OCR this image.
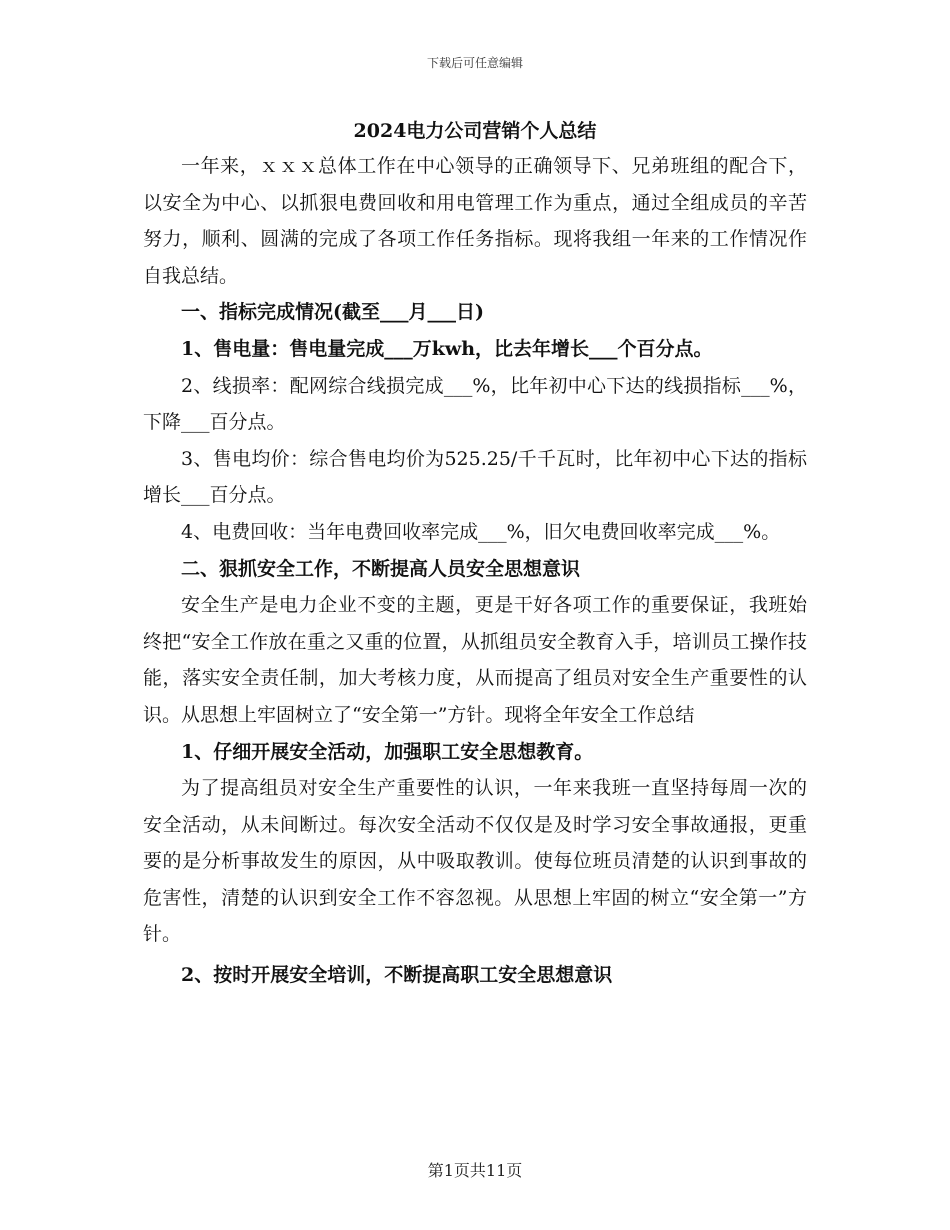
下载后可任意编辑
2024电力公司营销个人总结

一年来，ｘｘｘ总体工作在中心领导的正确领导下、兄弟班组的配合下，以安全为中心、以抓狠电费回收和用电管理工作为重点，通过全组成员的辛苦努力，顺利、圆满的完成了各项工作任务指标。现将我组一年来的工作情况作自我总结。

一、指标完成情况(截至___月___日)

1、售电量：售电量完成___万kwh，比去年增长___个百分点。

2、线损率：配网综合线损完成___%，比年初中心下达的线损指标___%，下降___百分点。

3、售电均价：综合售电均价为525.25/千千瓦时，比年初中心下达的指标增长___百分点。

4、电费回收：当年电费回收率完成___%，旧欠电费回收率完成___%。

二、狠抓安全工作，不断提高人员安全思想意识

安全生产是电力企业不变的主题，更是干好各项工作的重要保证，我班始终把“安全工作放在重之又重的位置，从抓组员安全教育入手，培训员工操作技能，落实安全责任制，加大考核力度，从而提高了组员对安全生产重要性的认识。从思想上牢固树立了“安全第一”方针。现将全年安全工作总结

1、仔细开展安全活动，加强职工安全思想教育。

为了提高组员对安全生产重要性的认识，一年来我班一直坚持每周一次的安全活动，从未间断过。每次安全活动不仅仅是及时学习安全事故通报，更重要的是分析事故发生的原因，从中吸取教训。使每位班员清楚的认识到事故的危害性，清楚的认识到安全工作不容忽视。从思想上牢固的树立“安全第一”方针。

2、按时开展安全培训，不断提高职工安全思想意识

第1页共11页
